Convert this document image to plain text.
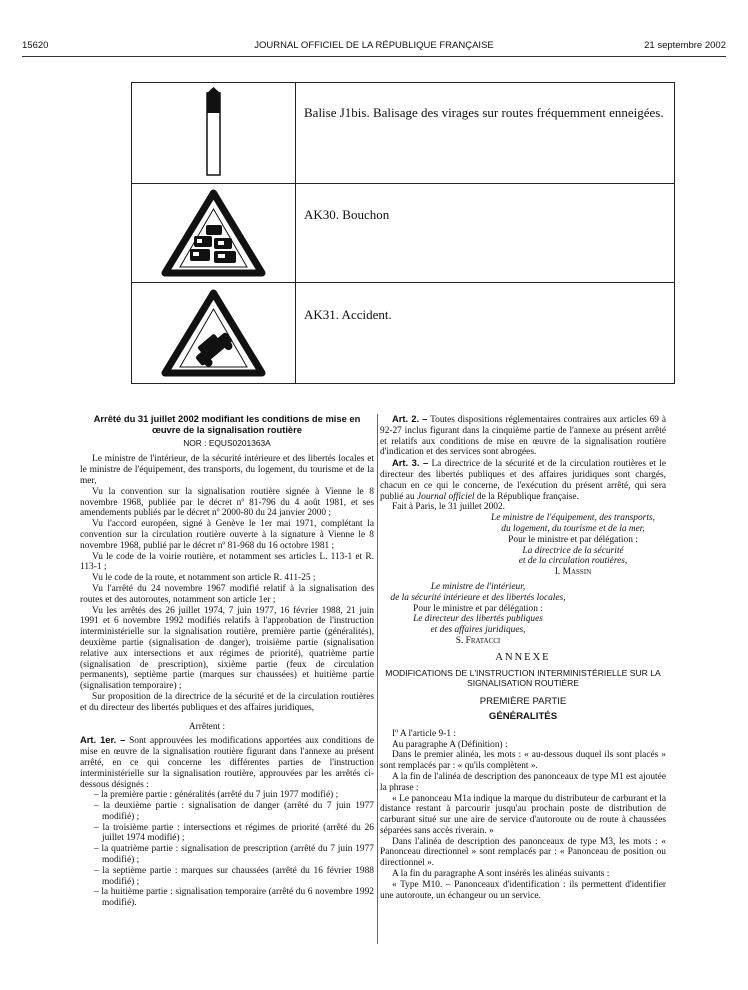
15620	JOURNAL OFFICIEL DE LA RÉPUBLIQUE FRANÇAISE	21 septembre 2002
Balise J1bis. Balisage des virages sur routes fréquemment enneigées.
AK30. Bouchon
AK31. Accident.
Arrêté du 31 juillet 2002 modifiant les conditions de mise en œuvre de la signalisation routière
NOR : EQUS0201363A

Le ministre de l'intérieur, de la sécurité intérieure et des libertés locales et le ministre de l'équipement, des transports, du logement, du tourisme et de la mer,

Vu la convention sur la signalisation routière signée à Vienne le 8 novembre 1968, publiée par le décret nº 81-796 du 4 août 1981, et ses amendements publiés par le décret nº 2000-80 du 24 janvier 2000 ;

Vu l'accord européen, signé à Genève le 1er mai 1971, complétant la convention sur la circulation routière ouverte à la signature à Vienne le 8 novembre 1968, publié par le décret nº 81-968 du 16 octobre 1981 ;

Vu le code de la voirie routière, et notamment ses articles L. 113-1 et R. 113-1 ;

Vu le code de la route, et notamment son article R. 411-25 ;

Vu l'arrêté du 24 novembre 1967 modifié relatif à la signalisation des routes et des autoroutes, notamment son article 1er ;

Vu les arrêtés des 26 juillet 1974, 7 juin 1977, 16 février 1988, 21 juin 1991 et 6 novembre 1992 modifiés relatifs à l'approbation de l'instruction interministérielle sur la signalisation routière, première partie (généralités), deuxième partie (signalisation de danger), troisième partie (signalisation relative aux intersections et aux régimes de priorité), quatrième partie (signalisation de prescription), sixième partie (feux de circulation permanents), septième partie (marques sur chaussées) et huitième partie (signalisation temporaire) ;

Sur proposition de la directrice de la sécurité et de la circulation routières et du directeur des libertés publiques et des affaires juridiques,

Arrêtent :

Art. 1er. – Sont approuvées les modifications apportées aux conditions de mise en œuvre de la signalisation routière figurant dans l'annexe au présent arrêté, en ce qui concerne les différentes parties de l'instruction interministérielle sur la signalisation routière, approuvées par les arrêtés ci-dessous désignés :

– la première partie : généralités (arrêté du 7 juin 1977 modifié) ;
– la deuxième partie : signalisation de danger (arrêté du 7 juin 1977 modifié) ;
– la troisième partie : intersections et régimes de priorité (arrêté du 26 juillet 1974 modifié) ;
– la quatrième partie : signalisation de prescription (arrêté du 7 juin 1977 modifié) ;
– la septième partie : marques sur chaussées (arrêté du 16 février 1988 modifié) ;
– la huitième partie : signalisation temporaire (arrêté du 6 novembre 1992 modifié).

Art. 2. – Toutes dispositions réglementaires contraires aux articles 69 à 92-27 inclus figurant dans la cinquième partie de l'annexe au présent arrêté et relatifs aux conditions de mise en œuvre de la signalisation routière d'indication et des services sont abrogées.

Art. 3. – La directrice de la sécurité et de la circulation routières et le directeur des libertés publiques et des affaires juridiques sont chargés, chacun en ce qui le concerne, de l'exécution du présent arrêté, qui sera publié au Journal officiel de la République française.

Fait à Paris, le 31 juillet 2002.

Le ministre de l'équipement, des transports,
du logement, du tourisme et de la mer,
Pour le ministre et par délégation :
La directrice de la sécurité
et de la circulation routières,
I. Massin
Le ministre de l'intérieur,
de la sécurité intérieure et des libertés locales,
Pour le ministre et par délégation :
Le directeur des libertés publiques
et des affaires juridiques,
S. Fratacci
ANNEXE
MODIFICATIONS DE L'INSTRUCTION INTERMINISTÉRIELLE SUR LA SIGNALISATION ROUTIÈRE
PREMIÈRE PARTIE
GÉNÉRALITÉS

Iº A l'article 9-1 :

Au paragraphe A (Définition) :

Dans le premier alinéa, les mots : « au-dessous duquel ils sont placés » sont remplacés par : « qu'ils complètent ».

A la fin de l'alinéa de description des panonceaux de type M1 est ajoutée la phrase :

« Le panonceau M1a indique la marque du distributeur de carburant et la distance restant à parcourir jusqu'au prochain poste de distribution de carburant situé sur une aire de service d'autoroute ou de route à chaussées séparées sans accès riverain. »

Dans l'alinéa de description des panonceaux de type M3, les mots : « Panonceau directionnel » sont remplacés par : « Panonceau de position ou directionnel ».

A la fin du paragraphe A sont insérés les alinéas suivants :

« Type M10. – Panonceaux d'identification : ils permettent d'identifier une autoroute, un échangeur ou un service.
